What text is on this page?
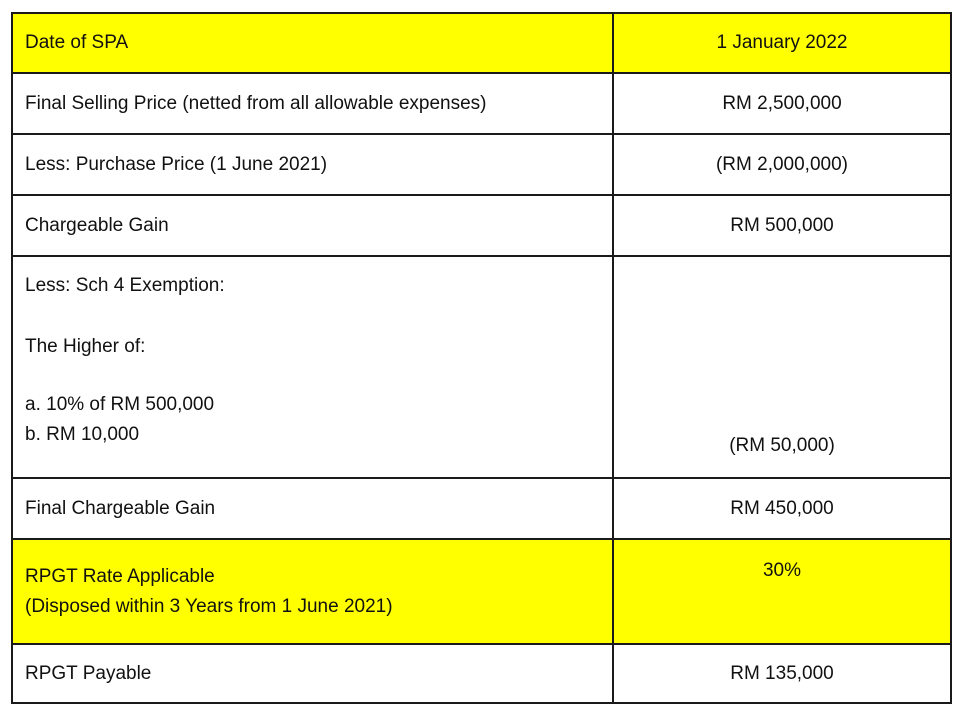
Date of SPA	1 January 2022
Final Selling Price (netted from all allowable expenses)	RM 2,500,000
Less: Purchase Price (1 June 2021)	(RM 2,000,000)
Chargeable Gain	RM 500,000

Less: Sch 4 Exemption:
The Higher of:
a. 10% of RM 500,000
b. RM 10,000	(RM 50,000)
Final Chargeable Gain	RM 450,000

RPGT Rate Applicable
(Disposed within 3 Years from 1 June 2021)	30%
RPGT Payable	RM 135,000
